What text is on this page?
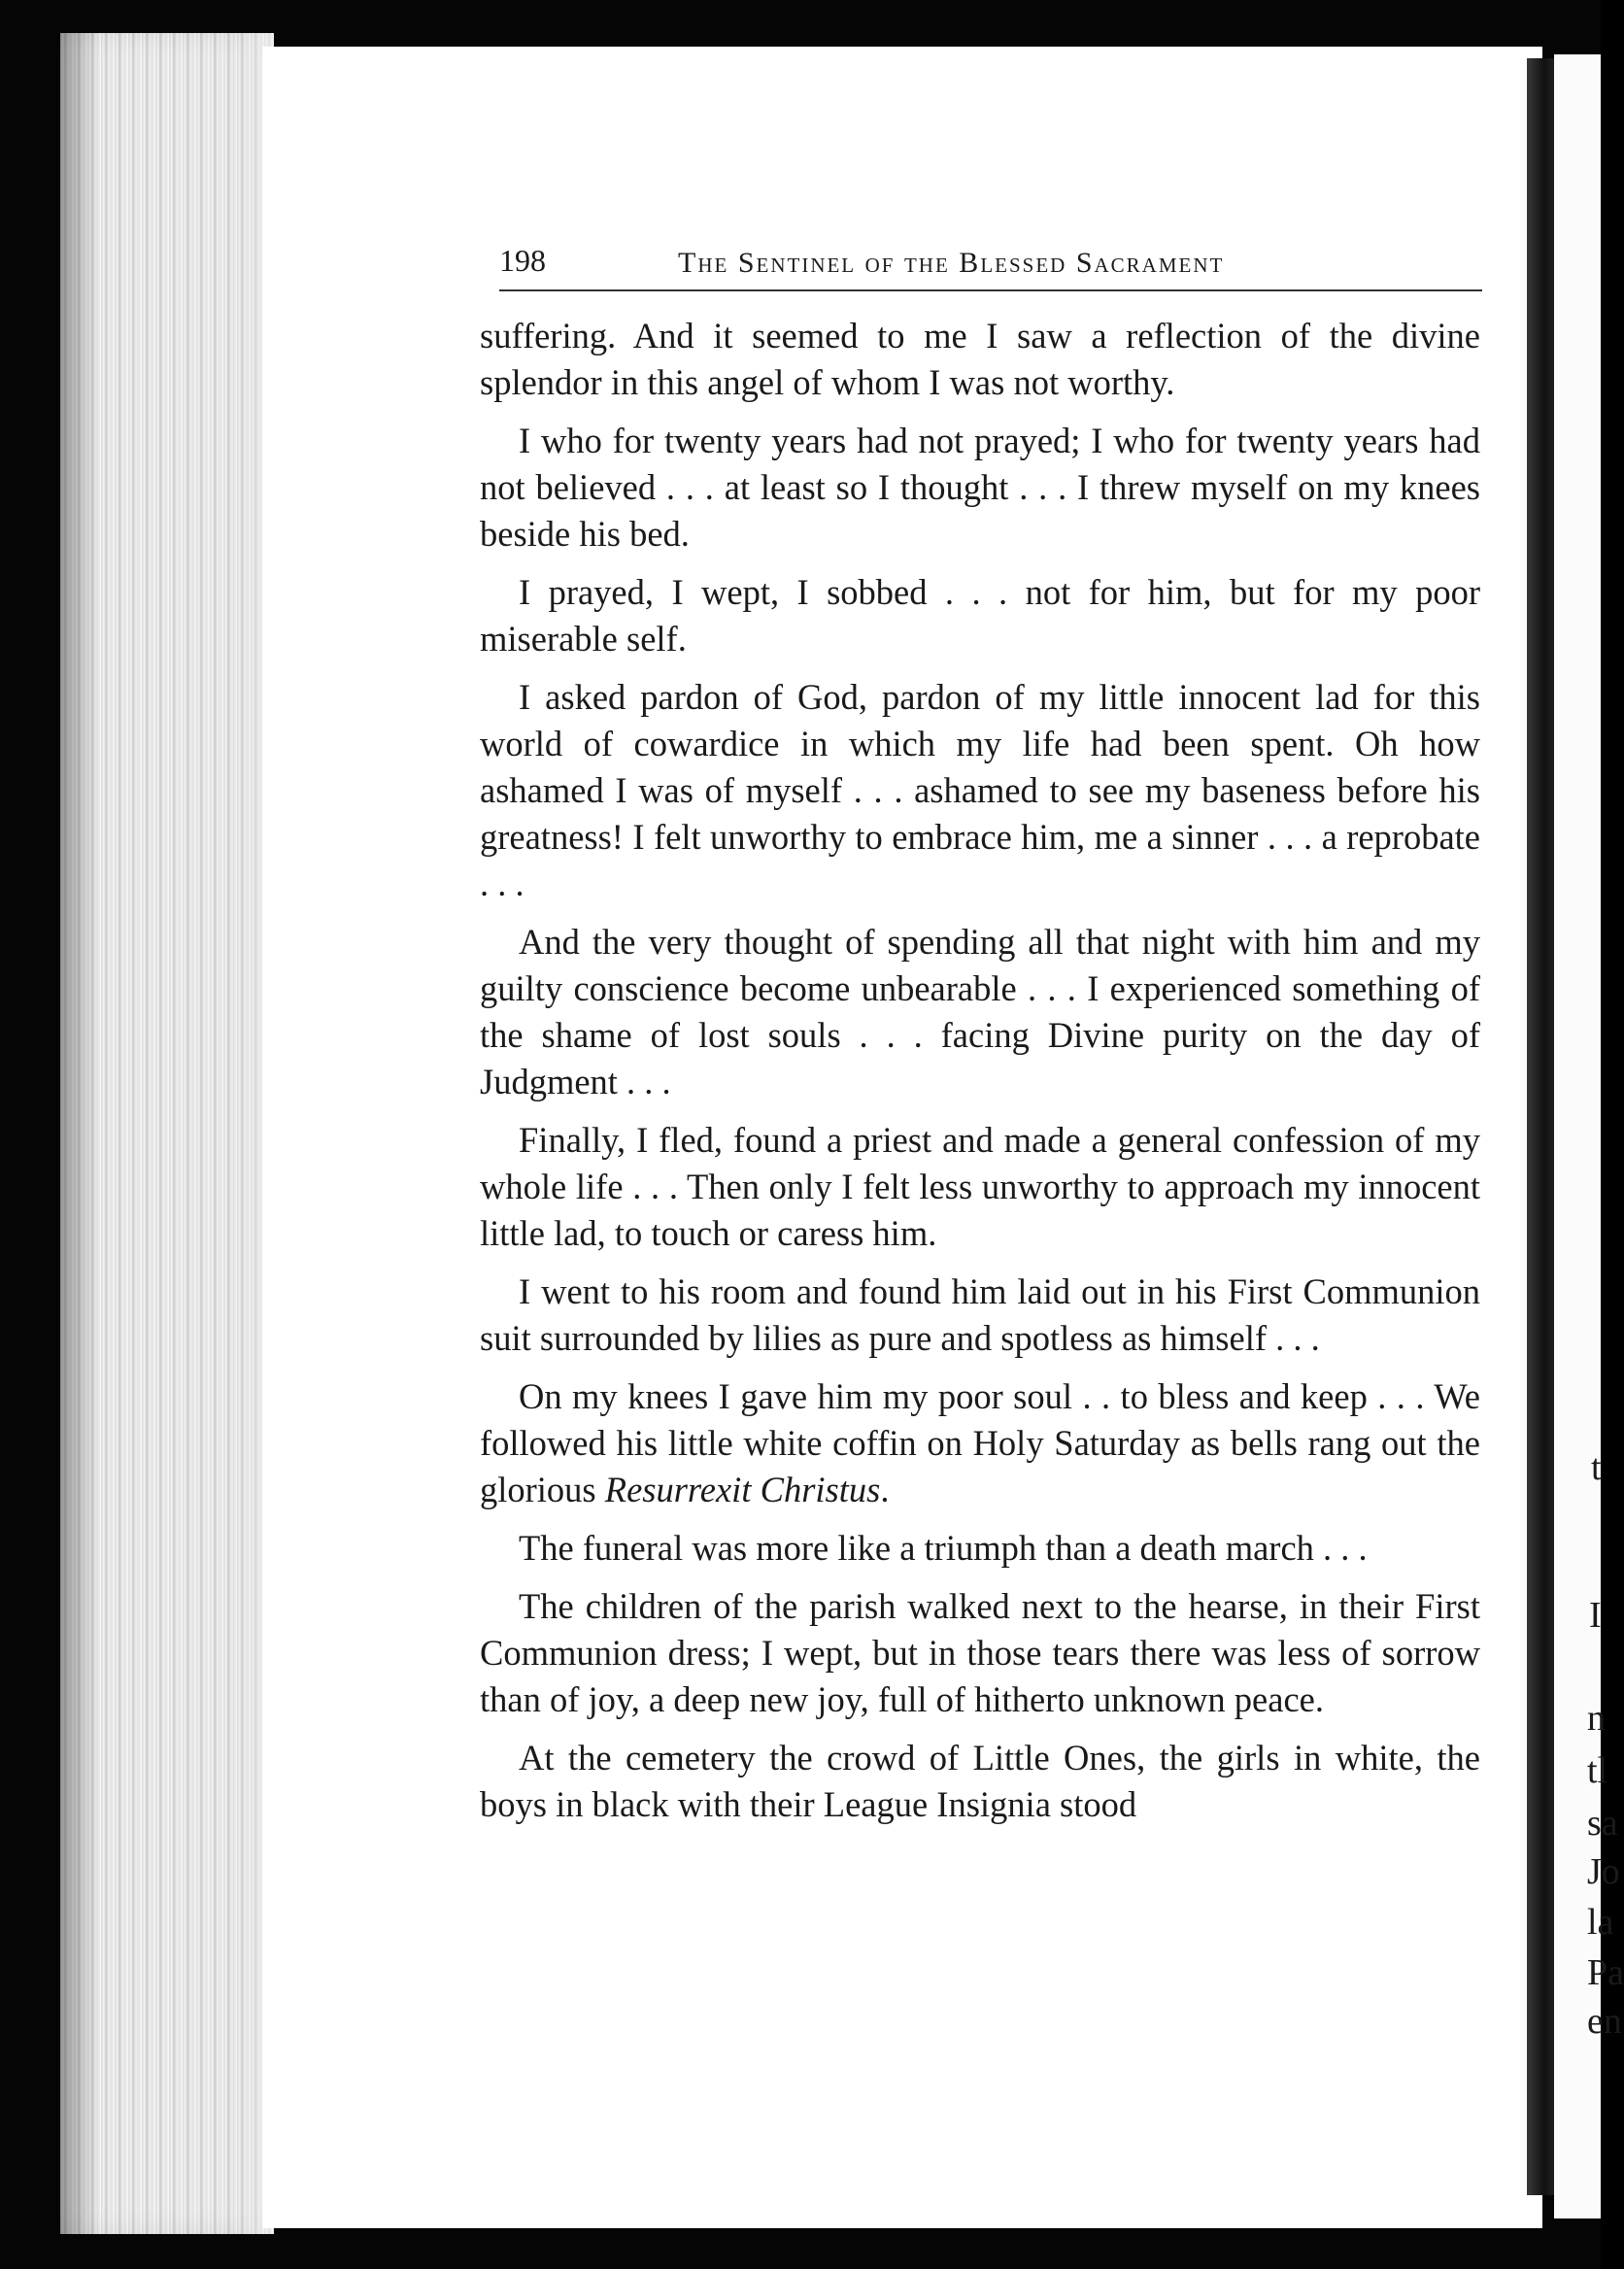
t
I
n
tl
sa
Jo
la
Pa
en
198	The Sentinel of the Blessed Sacrament

suffering. And it seemed to me I saw a reflection of the divine splendor in this angel of whom I was not worthy.

I who for twenty years had not prayed; I who for twenty years had not believed . . . at least so I thought . . . I threw myself on my knees beside his bed.

I prayed, I wept, I sobbed . . . not for him, but for my poor miserable self.

I asked pardon of God, pardon of my little innocent lad for this world of cowardice in which my life had been spent. Oh how ashamed I was of myself . . . ashamed to see my baseness before his greatness! I felt unworthy to embrace him, me a sinner . . . a reprobate . . .

And the very thought of spending all that night with him and my guilty conscience become unbearable . . . I experienced something of the shame of lost souls . . . facing Divine purity on the day of Judgment . . .

Finally, I fled, found a priest and made a general confession of my whole life . . . Then only I felt less unworthy to approach my innocent little lad, to touch or caress him.

I went to his room and found him laid out in his First Communion suit surrounded by lilies as pure and spotless as himself . . .

On my knees I gave him my poor soul . . to bless and keep . . . We followed his little white coffin on Holy Saturday as bells rang out the glorious Resurrexit Christus.

The funeral was more like a triumph than a death march . . .

The children of the parish walked next to the hearse, in their First Communion dress; I wept, but in those tears there was less of sorrow than of joy, a deep new joy, full of hitherto unknown peace.

At the cemetery the crowd of Little Ones, the girls in white, the boys in black with their League Insignia stood
